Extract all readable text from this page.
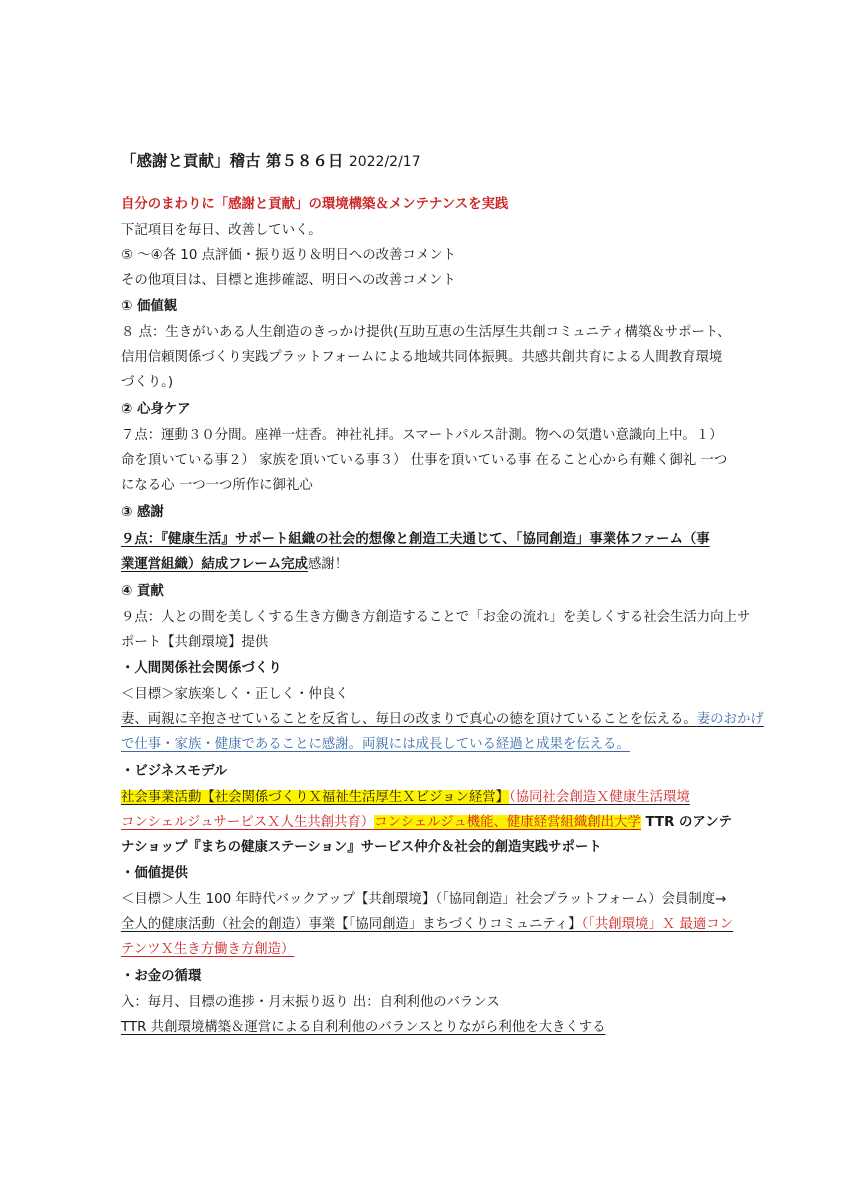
「感謝と貢献」稽古 第５８６日 2022/2/17
自分のまわりに「感謝と貢献」の環境構築＆メンテナンスを実践
下記項目を毎日、改善していく。
⑤ ～④各 10 点評価・振り返り＆明日への改善コメント
その他項目は、目標と進捗確認、明日への改善コメント
① 価値観
８ 点：生きがいある人生創造のきっかけ提供(互助互恵の生活厚生共創コミュニティ構築＆サポート、
信用信頼関係づくり実践プラットフォームによる地域共同体振興。共感共創共育による人間教育環境
づくり。)
② 心身ケア
７点：運動３０分間。座禅一炷香。神社礼拝。スマートパルス計測。物への気遣い意識向上中。１）
命を頂いている事２） 家族を頂いている事３） 仕事を頂いている事 在ること心から有難く御礼 一つ
になる心 一つ一つ所作に御礼心
③ 感謝
９点：『健康生活』サポート組織の社会的想像と創造工夫通じて、「協同創造」事業体ファーム（事
業運営組織）結成フレーム完成感謝！
④ 貢献
９点：人との間を美しくする生き方働き方創造することで「お金の流れ」を美しくする社会生活力向上サ
ポート【共創環境】提供
・人間関係社会関係づくり
＜目標＞家族楽しく・正しく・仲良く
妻、両親に辛抱させていることを反省し、毎日の改まりで真心の徳を頂けていることを伝える。妻のおかげ
で仕事・家族・健康であることに感謝。両親には成長している経過と成果を伝える。
・ビジネスモデル
社会事業活動【社会関係づくりＸ福祉生活厚生Ｘビジョン経営】（協同社会創造Ｘ健康生活環境
コンシェルジュサービスＸ人生共創共育）コンシェルジュ機能、健康経営組織創出大学 TTR のアンテ
ナショップ『まちの健康ステーション』サービス仲介＆社会的創造実践サポート
・価値提供
＜目標＞人生 100 年時代バックアップ【共創環境】（「協同創造」社会プラットフォーム）会員制度→
全人的健康活動（社会的創造）事業【「協同創造」まちづくりコミュニティ】（「共創環境」Ｘ 最適コン
テンツＸ生き方働き方創造）
・お金の循環
入：毎月、目標の進捗・月末振り返り 出：自利利他のバランス
TTR 共創環境構築＆運営による自利利他のバランスとりながら利他を大きくする
